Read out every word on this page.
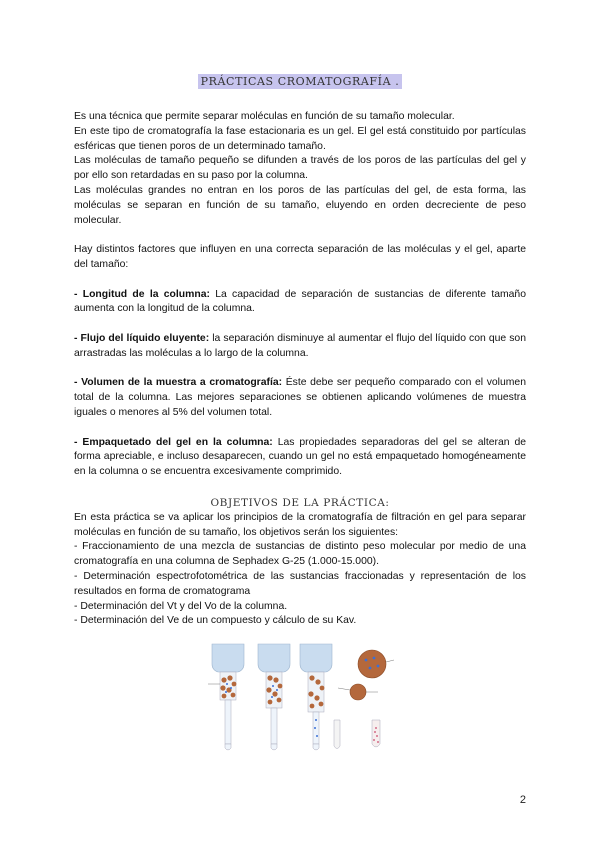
PRÁCTICAS CROMATOGRAFÍA .

Es una técnica que permite separar moléculas en función de su tamaño molecular.

En este tipo de cromatografía la fase estacionaria es un gel. El gel está constituido por partículas esféricas que tienen poros de un determinado tamaño.

Las moléculas de tamaño pequeño se difunden a través de los poros de las partículas del gel y por ello son retardadas en su paso por la columna.

Las moléculas grandes no entran en los poros de las partículas del gel, de esta forma, las moléculas se separan en función de su tamaño, eluyendo en orden decreciente de peso molecular.

Hay distintos factores que influyen en una correcta separación de las moléculas y el gel, aparte del tamaño:

- Longitud de la columna: La capacidad de separación de sustancias de diferente tamaño aumenta con la longitud de la columna.

- Flujo del líquido eluyente: la separación disminuye al aumentar el flujo del líquido con que son arrastradas las moléculas a lo largo de la columna.

- Volumen de la muestra a cromatografía: Éste debe ser pequeño comparado con el volumen total de la columna. Las mejores separaciones se obtienen aplicando volúmenes de muestra iguales o menores al 5% del volumen total.

- Empaquetado del gel en la columna: Las propiedades separadoras del gel se alteran de forma apreciable, e incluso desaparecen, cuando un gel no está empaquetado homogéneamente en la columna o se encuentra excesivamente comprimido.

OBJETIVOS DE LA PRÁCTICA:

En esta práctica se va aplicar los principios de la cromatografía de filtración en gel para separar moléculas en función de su tamaño, los objetivos serán los siguientes:

- Fraccionamiento de una mezcla de sustancias de distinto peso molecular por medio de una cromatografía en una columna de Sephadex G-25 (1.000-15.000).

- Determinación espectrofotométrica de las sustancias fraccionadas y representación de los resultados en forma de cromatograma

- Determinación del Vt y del Vo de la columna.

- Determinación del Ve de un compuesto y cálculo de su Kav.

2
